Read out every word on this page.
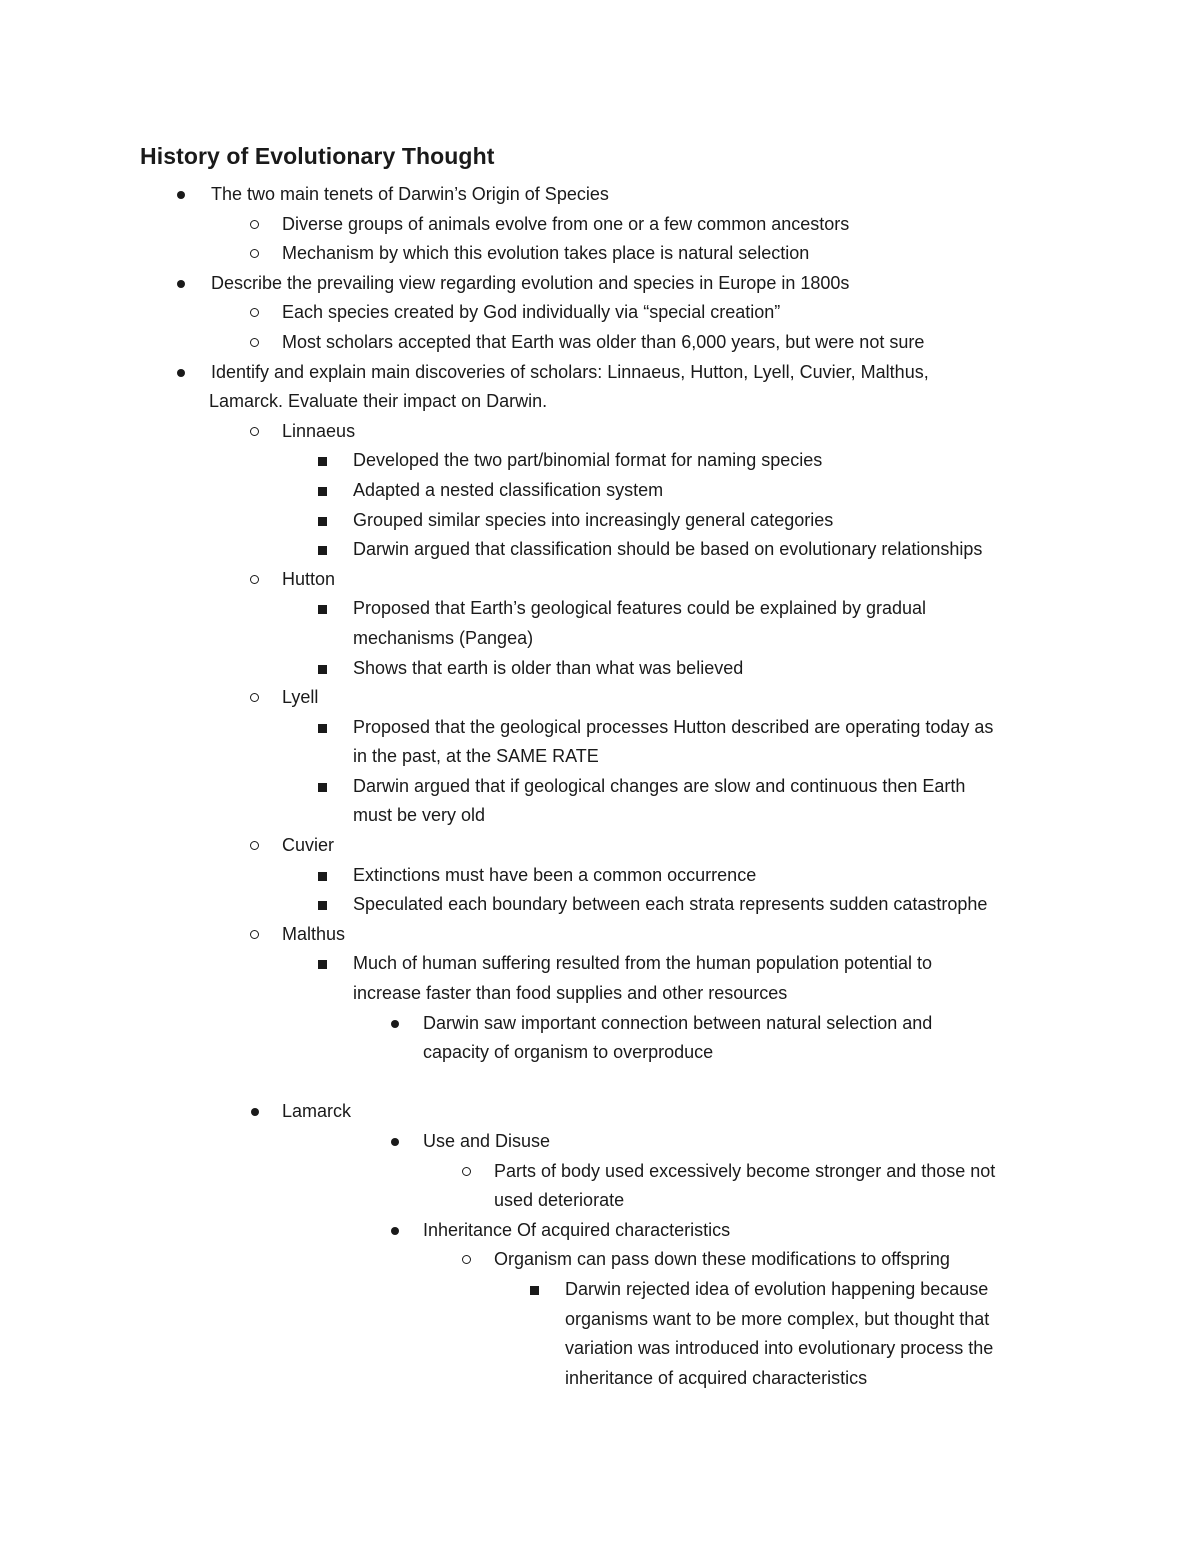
History of Evolutionary Thought
The two main tenets of Darwin’s Origin of Species
Diverse groups of animals evolve from one or a few common ancestors
Mechanism by which this evolution takes place is natural selection
Describe the prevailing view regarding evolution and species in Europe in 1800s
Each species created by God individually via “special creation”
Most scholars accepted that Earth was older than 6,000 years, but were not sure
Identify and explain main discoveries of scholars: Linnaeus, Hutton, Lyell, Cuvier, Malthus,
Lamarck. Evaluate their impact on Darwin.
Linnaeus
Developed the two part/binomial format for naming species
Adapted a nested classification system
Grouped similar species into increasingly general categories
Darwin argued that classification should be based on evolutionary relationships
Hutton
Proposed that Earth’s geological features could be explained by gradual
mechanisms (Pangea)
Shows that earth is older than what was believed
Lyell
Proposed that the geological processes Hutton described are operating today as
in the past, at the SAME RATE
Darwin argued that if geological changes are slow and continuous then Earth
must be very old
Cuvier
Extinctions must have been a common occurrence
Speculated each boundary between each strata represents sudden catastrophe
Malthus
Much of human suffering resulted from the human population potential to
increase faster than food supplies and other resources
Darwin saw important connection between natural selection and
capacity of organism to overproduce
Lamarck
Use and Disuse
Parts of body used excessively become stronger and those not
used deteriorate
Inheritance Of acquired characteristics
Organism can pass down these modifications to offspring
Darwin rejected idea of evolution happening because
organisms want to be more complex, but thought that
variation was introduced into evolutionary process the
inheritance of acquired characteristics
